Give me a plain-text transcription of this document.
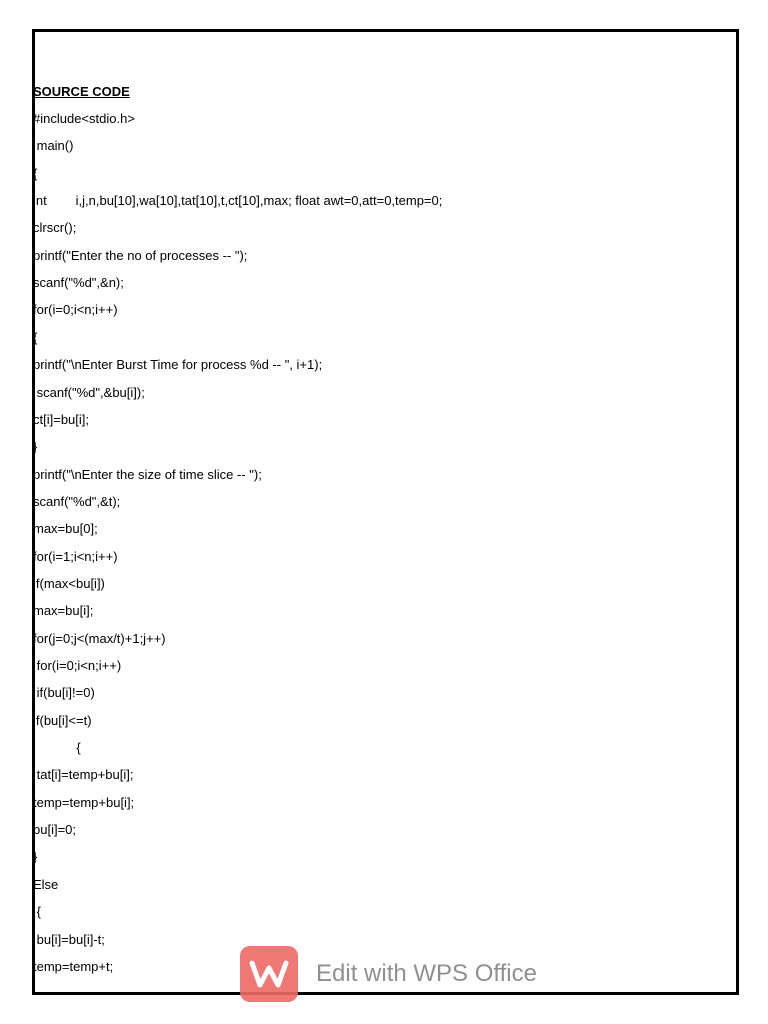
SOURCE CODE

#include<stdio.h>

main()

{

int        i,j,n,bu[10],wa[10],tat[10],t,ct[10],max; float awt=0,att=0,temp=0;

clrscr();

printf("Enter the no of processes -- ");

scanf("%d",&n);

for(i=0;i<n;i++)

{

printf("\nEnter Burst Time for process %d -- ", i+1);

scanf("%d",&bu[i]);

ct[i]=bu[i];

}

printf("\nEnter the size of time slice -- ");

scanf("%d",&t);

max=bu[0];

for(i=1;i<n;i++)

if(max<bu[i])

max=bu[i];

for(j=0;j<(max/t)+1;j++)

for(i=0;i<n;i++)

if(bu[i]!=0)

if(bu[i]<=t)

{

tat[i]=temp+bu[i];

temp=temp+bu[i];

bu[i]=0;

}

Else

{

bu[i]=bu[i]-t;

temp=temp+t;	Edit with WPS Office
